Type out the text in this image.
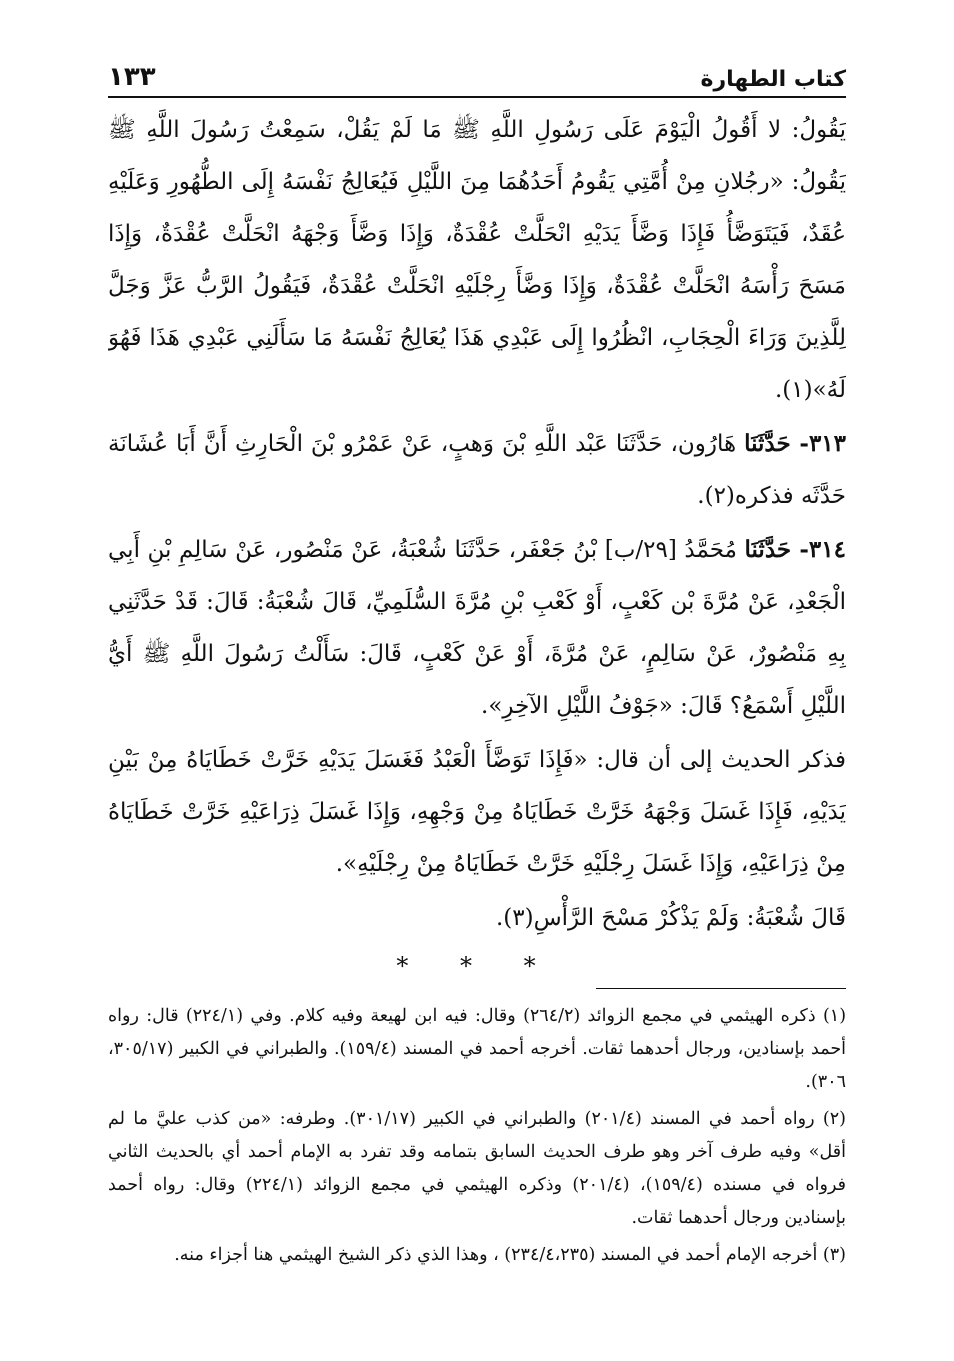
كتاب الطهارة
١٣٣

يَقُولُ: لا أَقُولُ الْيَوْمَ عَلَى رَسُولِ اللَّهِ ﷺ مَا لَمْ يَقُلْ، سَمِعْتُ رَسُولَ اللَّهِ ﷺ يَقُولُ: «رجُلانِ مِنْ أُمَّتِي يَقُومُ أَحَدُهُمَا مِنَ اللَّيْلِ فَيُعَالِجُ نَفْسَهُ إِلَى الطُّهُورِ وَعَلَيْهِ عُقَدٌ، فَيَتَوَضَّأُ فَإِذَا وَضَّأَ يَدَيْهِ انْحَلَّتْ عُقْدَةٌ، وَإِذَا وَضَّأَ وَجْهَهُ انْحَلَّتْ عُقْدَةٌ، وَإِذَا مَسَحَ رَأْسَهُ انْحَلَّتْ عُقْدَةٌ، وَإِذَا وَضَّأَ رِجْلَيْهِ انْحَلَّتْ عُقْدَةٌ، فَيَقُولُ الرَّبُّ عَزَّ وَجَلَّ لِلَّذِينَ وَرَاءَ الْحِجَابِ، انْظُرُوا إِلَى عَبْدِي هَذَا يُعَالِجُ نَفْسَهُ مَا سَأَلَنِي عَبْدِي هَذَا فَهُوَ لَهُ»(١).

٣١٣- حَدَّثَنَا هَارُون، حَدَّثَنَا عَبْد اللَّهِ بْنَ وَهبٍ، عَنْ عَمْرُو بْنَ الْحَارِثِ أَنَّ أَبَا عُشَانَة حَدَّثَه فذكره(٢).

٣١٤- حَدَّثَنَا مُحَمَّدُ [٢٩/ب] بْنُ جَعْفَر، حَدَّثَنَا شُعْبَةُ، عَنْ مَنْصُور، عَنْ سَالِمِ بْنِ أَبِي الْجَعْدِ، عَنْ مُرَّةَ بْن كَعْبٍ، أَوْ كَعْبِ بْنِ مُرَّةَ السُّلَمِيِّ، قَالَ شُعْبَةُ: قَالَ: قَدْ حَدَّثَنِي بِهِ مَنْصُورٌ، عَنْ سَالِمٍ، عَنْ مُرَّةَ، أَوْ عَنْ كَعْبٍ، قَالَ: سَأَلْتُ رَسُولَ اللَّهِ ﷺ أَيُّ اللَّيْلِ أَسْمَعُ؟ قَالَ: «جَوْفُ اللَّيْلِ الآخِرِ».

فذكر الحديث إلى أن قال: «فَإِذَا تَوَضَّأَ الْعَبْدُ فَغَسَلَ يَدَيْهِ خَرَّتْ خَطَايَاهُ مِنْ بَيْنِ يَدَيْهِ، فَإِذَا غَسَلَ وَجْهَهُ خَرَّتْ خَطَايَاهُ مِنْ وَجْهِهِ، وَإِذَا غَسَلَ ذِرَاعَيْهِ خَرَّتْ خَطَايَاهُ مِنْ ذِرَاعَيْهِ، وَإِذَا غَسَلَ رِجْلَيْهِ خَرَّتْ خَطَايَاهُ مِنْ رِجْلَيْهِ».

قَالَ شُعْبَةُ: وَلَمْ يَذْكُرْ مَسْحَ الرَّأْسِ(٣).

* * *

(١) ذكره الهيثمي في مجمع الزوائد (٢٦٤/٢) وقال: فيه ابن لهيعة وفيه كلام. وفي (٢٢٤/١) قال: رواه أحمد بإسنادين، ورجال أحدهما ثقات. أخرجه أحمد في المسند (١٥٩/٤). والطبراني في الكبير (٣٠٥/١٧، ٣٠٦).

(٢) رواه أحمد في المسند (٢٠١/٤) والطبراني في الكبير (٣٠١/١٧). وطرفه: «من كذب عليَّ ما لم أقل» وفيه طرف آخر وهو طرف الحديث السابق بتمامه وقد تفرد به الإمام أحمد أي بالحديث الثاني فرواه في مسنده (١٥٩/٤)، (٢٠١/٤) وذكره الهيثمي في مجمع الزوائد (٢٢٤/١) وقال: رواه أحمد بإسنادين ورجال أحدهما ثقات.

(٣) أخرجه الإمام أحمد في المسند (٢٣٤/٤،٢٣٥) ، وهذا الذي ذكر الشيخ الهيثمي هنا أجزاء منه.
